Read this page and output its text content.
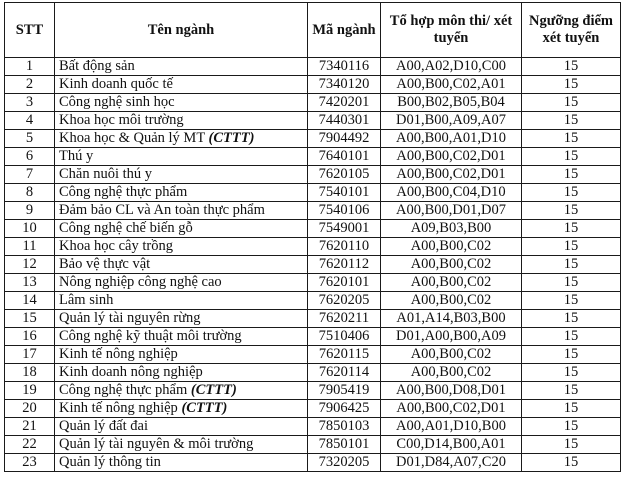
STT	Tên ngành	Mã ngành	Tổ hợp môn thi/ xét tuyển	Ngưỡng điểm xét tuyển
1	Bất động sản	7340116	A00,A02,D10,C00	15
2	Kinh doanh quốc tế	7340120	A00,B00,C02,A01	15
3	Công nghệ sinh học	7420201	B00,B02,B05,B04	15
4	Khoa học môi trường	7440301	D01,B00,A09,A07	15
5	Khoa học & Quản lý MT (CTTT)	7904492	A00,B00,A01,D10	15
6	Thú y	7640101	A00,B00,C02,D01	15
7	Chăn nuôi thú y	7620105	A00,B00,C02,D01	15
8	Công nghệ thực phẩm	7540101	A00,B00,C04,D10	15
9	Đảm bảo CL và An toàn thực phẩm	7540106	A00,B00,D01,D07	15
10	Công nghệ chế biến gỗ	7549001	A09,B03,B00	15
11	Khoa học cây trồng	7620110	A00,B00,C02	15
12	Bảo vệ thực vật	7620112	A00,B00,C02	15
13	Nông nghiệp công nghệ cao	7620101	A00,B00,C02	15
14	Lâm sinh	7620205	A00,B00,C02	15
15	Quản lý tài nguyên rừng	7620211	A01,A14,B03,B00	15
16	Công nghệ kỹ thuật môi trường	7510406	D01,A00,B00,A09	15
17	Kinh tế nông nghiệp	7620115	A00,B00,C02	15
18	Kinh doanh nông nghiệp	7620114	A00,B00,C02	15
19	Công nghệ thực phẩm (CTTT)	7905419	A00,B00,D08,D01	15
20	Kinh tế nông nghiệp (CTTT)	7906425	A00,B00,C02,D01	15
21	Quản lý đất đai	7850103	A00,A01,D10,B00	15
22	Quản lý tài nguyên & môi trường	7850101	C00,D14,B00,A01	15
23	Quản lý thông tin	7320205	D01,D84,A07,C20	15
